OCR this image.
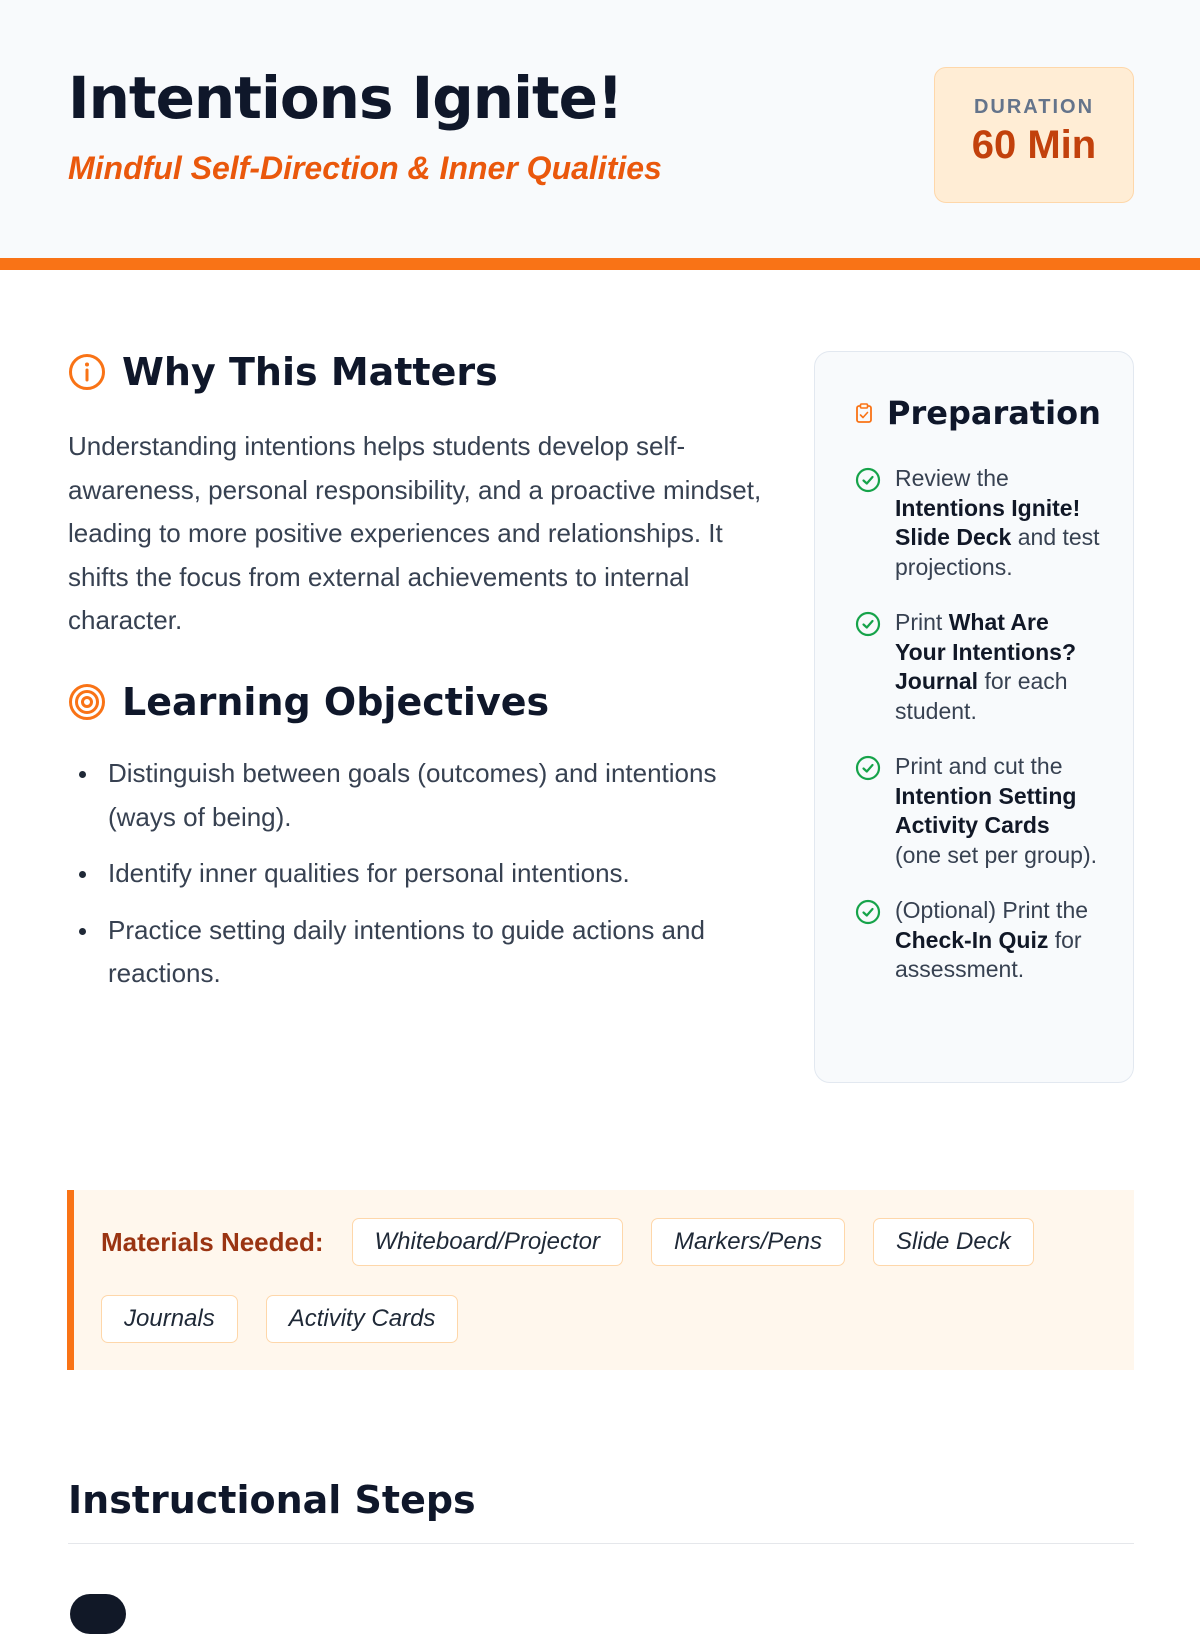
Intentions Ignite!

Mindful Self-Direction & Inner Qualities

DURATION
60 Min
Why This Matters

Understanding intentions helps students develop self-awareness, personal responsibility, and a proactive mindset, leading to more positive experiences and relationships. It shifts the focus from external achievements to internal character.

Learning Objectives
Distinguish between goals (outcomes) and intentions (ways of being).
Identify inner qualities for personal intentions.
Practice setting daily intentions to guide actions and reactions.
Preparation
Review the Intentions Ignite! Slide Deck and test projections.
Print What Are Your Intentions? Journal for each student.
Print and cut the Intention Setting Activity Cards (one set per group).
(Optional) Print the Check-In Quiz for assessment.
Materials Needed:	Whiteboard/Projector	Markers/Pens	Slide Deck
Journals	Activity Cards
Instructional Steps
